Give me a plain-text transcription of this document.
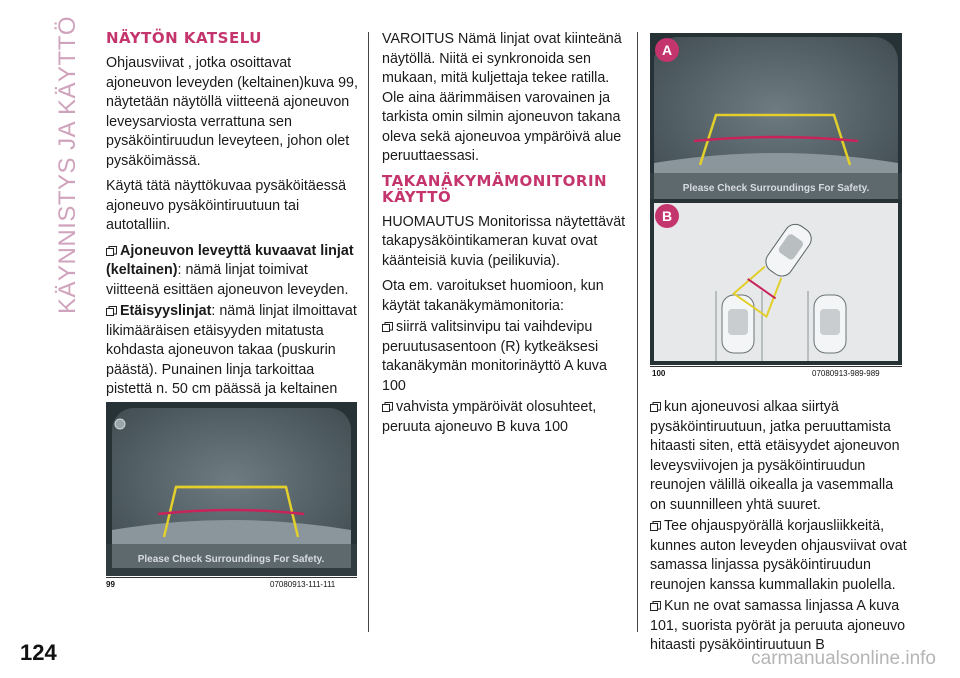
KÄYNNISTYS JA KÄYTTÖ NÄYTÖN KATSELU

Ohjausviivat , jotka osoittavat ajoneuvon leveyden (keltainen)kuva 99, näytetään näytöllä viitteenä ajoneuvon leveysarviosta verrattuna sen pysäköintiruudun leveyteen, johon olet pysäköimässä.

Käytä tätä näyttökuvaa pysäköitäessä ajoneuvo pysäköintiruutuun tai autotalliin.

Ajoneuvon leveyttä kuvaavat linjat (keltainen): nämä linjat toimivat viitteenä esittäen ajoneuvon leveyden.

Etäisyyslinjat: nämä linjat ilmoittavat likimääräisen etäisyyden mitatusta kohdasta ajoneuvon takaa (puskurin päästä). Punainen linja tarkoittaa pistettä n. 50 cm päässä ja keltainen

Please Check Surroundings For Safety.
99	07080913-111-111

VAROITUS Nämä linjat ovat kiinteänä näytöllä. Niitä ei synkronoida sen mukaan, mitä kuljettaja tekee ratilla. Ole aina äärimmäisen varovainen ja tarkista omin silmin ajoneuvon takana oleva sekä ajoneuvoa ympäröivä alue peruuttaessasi.

TAKANÄKYMÄMONITORIN KÄYTTÖ

HUOMAUTUS Monitorissa näytettävät takapysäköintikameran kuvat ovat käänteisiä kuvia (peilikuvia).

Ota em. varoitukset huomioon, kun käytät takanäkymämonitoria:

siirrä valitsinvipu tai vaihdevipu peruutusasentoon (R) kytkeäksesi takanäkymän monitorinäyttö A kuva 100

vahvista ympäröivät olosuhteet, peruuta ajoneuvo B kuva 100

Please Check Surroundings For Safety.
A
B
100	07080913-989-989

kun ajoneuvosi alkaa siirtyä pysäköintiruutuun, jatka peruuttamista hitaasti siten, että etäisyydet ajoneuvon leveysviivojen ja pysäköintiruudun reunojen välillä oikealla ja vasemmalla on suunnilleen yhtä suuret.

Tee ohjauspyörällä korjausliikkeitä, kunnes auton leveyden ohjausviivat ovat samassa linjassa pysäköintiruudun reunojen kanssa kummallakin puolella.

Kun ne ovat samassa linjassa A kuva 101, suorista pyörät ja peruuta ajoneuvo hitaasti pysäköintiruutuun B

124	carmanualsonline.info
